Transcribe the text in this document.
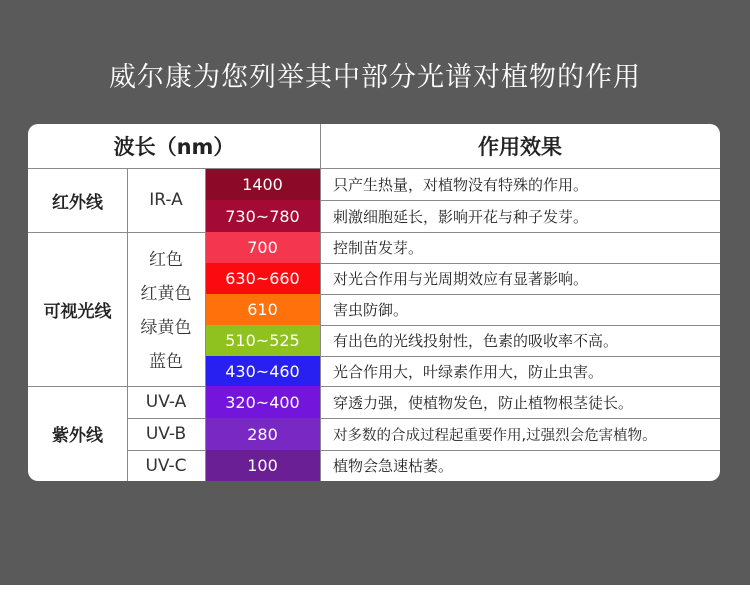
威尔康为您列举其中部分光谱对植物的作用
波长（nm）	作用效果
红外线
可视光线
紫外线
IR-A
红色
红黄色
绿黄色
蓝色
UV-A
UV-B
UV-C
1400
730~780
700
630~660
610
510~525
430~460
320~400
280
100
只产生热量，对植物没有特殊的作用。
刺激细胞延长，影响开花与种子发芽。
控制苗发芽。
对光合作用与光周期效应有显著影响。
害虫防御。
有出色的光线投射性，色素的吸收率不高。
光合作用大，叶绿素作用大，防止虫害。
穿透力强，使植物发色，防止植物根茎徒长。
对多数的合成过程起重要作用,过强烈会危害植物。
植物会急速枯萎。
